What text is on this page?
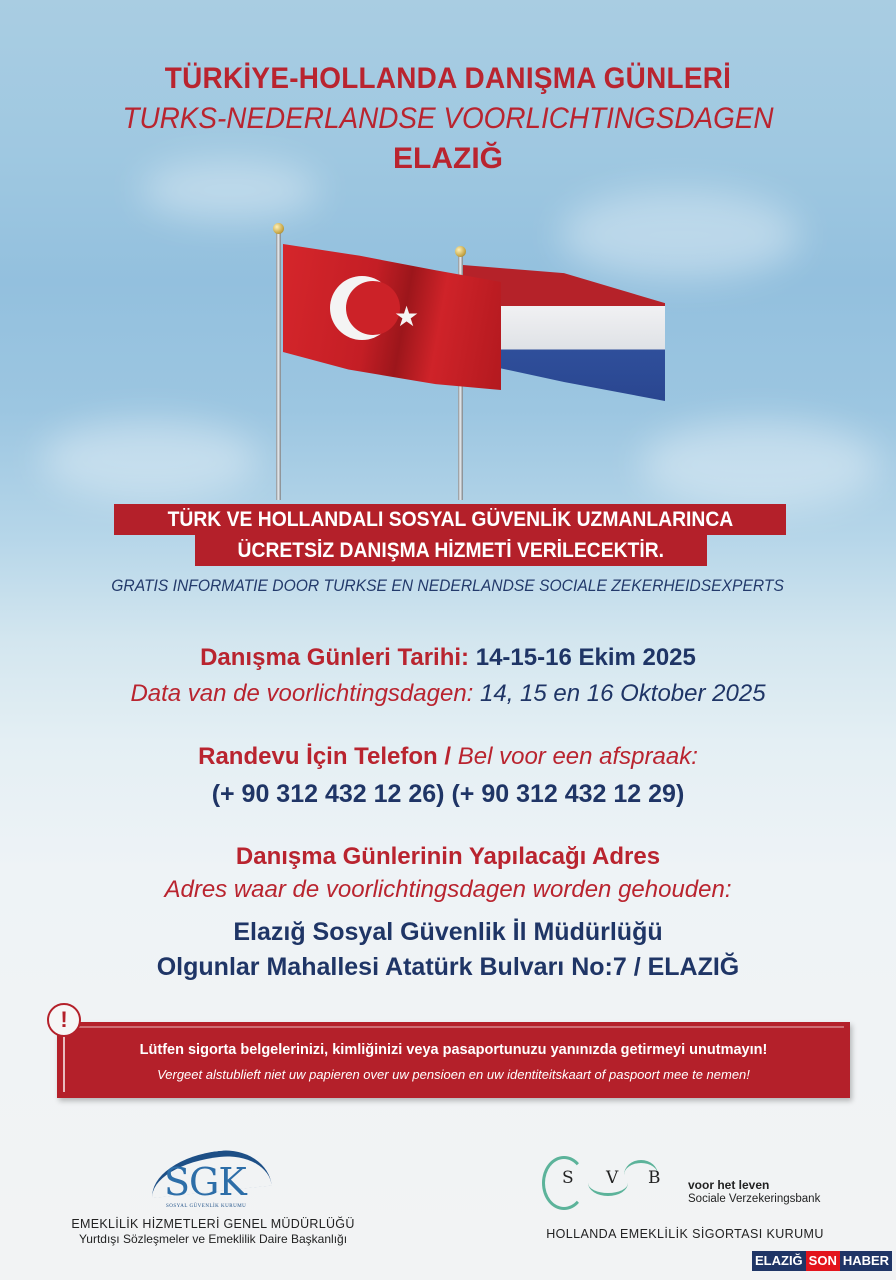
TÜRKİYE-HOLLANDA DANIŞMA GÜNLERİ
TURKS-NEDERLANDSE VOORLICHTINGSDAGEN
ELAZIĞ
★
TÜRK VE HOLLANDALI SOSYAL GÜVENLİK UZMANLARINCA
ÜCRETSİZ DANIŞMA HİZMETİ VERİLECEKTİR.
GRATIS INFORMATIE DOOR TURKSE EN NEDERLANDSE SOCIALE ZEKERHEIDSEXPERTS
Danışma Günleri Tarihi: 14-15-16 Ekim 2025
Data van de voorlichtingsdagen: 14, 15 en 16 Oktober 2025
Randevu İçin Telefon / Bel voor een afspraak:
(+ 90 312 432 12 26) (+ 90 312 432 12 29)
Danışma Günlerinin Yapılacağı Adres
Adres waar de voorlichtingsdagen worden gehouden:
Elazığ Sosyal Güvenlik İl Müdürlüğü
Olgunlar Mahallesi Atatürk Bulvarı No:7 / ELAZIĞ
Lütfen sigorta belgelerinizi, kimliğinizi veya pasaportunuzu yanınızda getirmeyi unutmayın!
Vergeet alstublieft niet uw papieren over uw pensioen en uw identiteitskaart of paspoort mee te nemen!
!
SGK
SOSYAL GÜVENLİK KURUMU
EMEKLİLİK HİZMETLERİ GENEL MÜDÜRLÜĞÜ
Yurtdışı Sözleşmeler ve Emeklilik Daire Başkanlığı
S V B voor het leven
Sociale Verzekeringsbank
HOLLANDA EMEKLİLİK SİGORTASI KURUMU
ELAZIĞ SON HABER
